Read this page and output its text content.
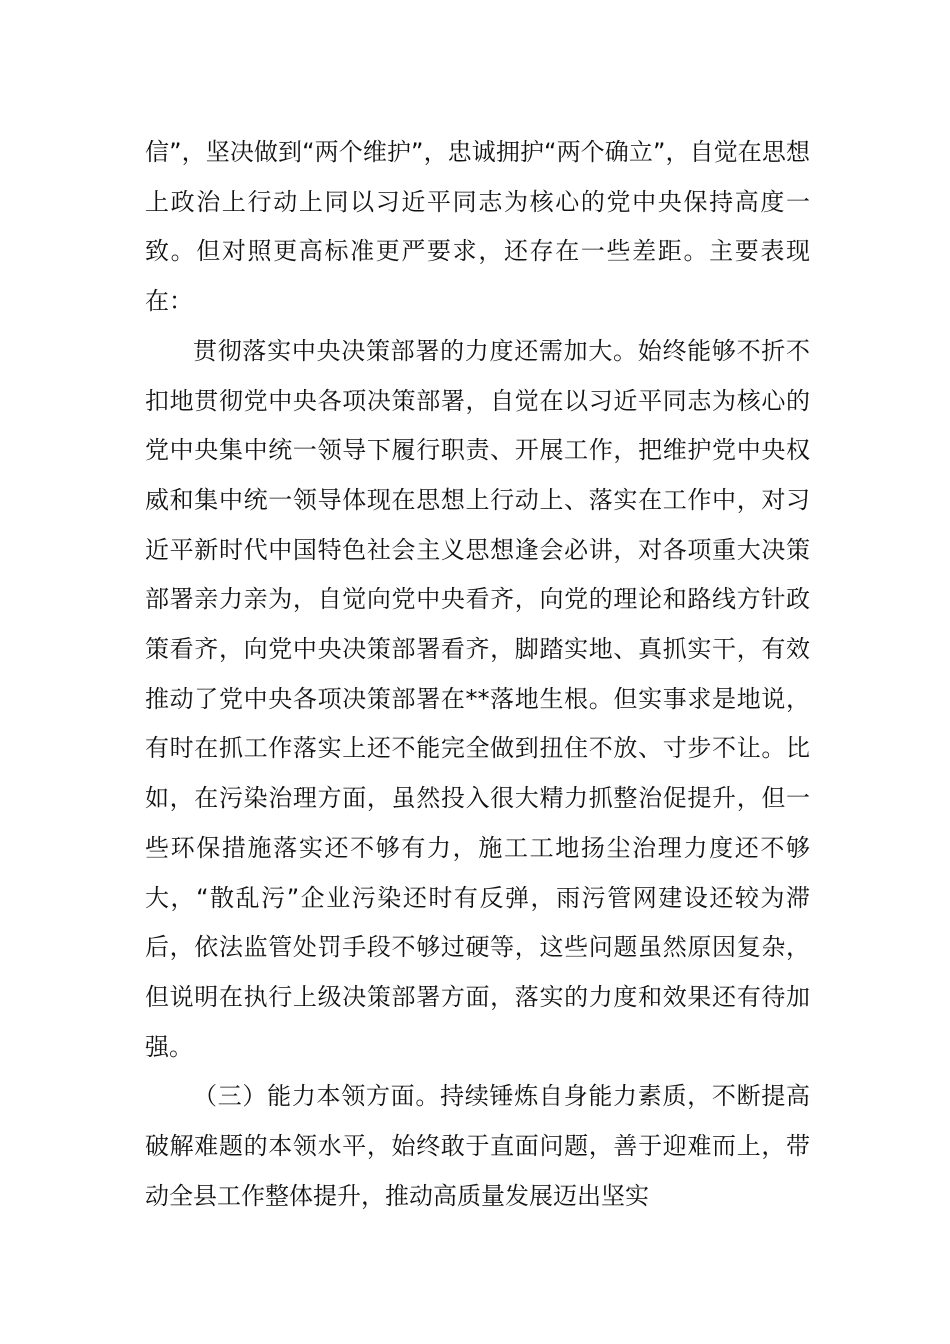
信”，坚决做到“两个维护”，忠诚拥护“两个确立”，自觉在思想上政治上行动上同以习近平同志为核心的党中央保持高度一致。但对照更高标准更严要求，还存在一些差距。主要表现在：

贯彻落实中央决策部署的力度还需加大。始终能够不折不扣地贯彻党中央各项决策部署，自觉在以习近平同志为核心的党中央集中统一领导下履行职责、开展工作，把维护党中央权威和集中统一领导体现在思想上行动上、落实在工作中，对习近平新时代中国特色社会主义思想逢会必讲，对各项重大决策部署亲力亲为，自觉向党中央看齐，向党的理论和路线方针政策看齐，向党中央决策部署看齐，脚踏实地、真抓实干，有效推动了党中央各项决策部署在**落地生根。但实事求是地说，有时在抓工作落实上还不能完全做到扭住不放、寸步不让。比如，在污染治理方面，虽然投入很大精力抓整治促提升，但一些环保措施落实还不够有力，施工工地扬尘治理力度还不够大，“散乱污”企业污染还时有反弹，雨污管网建设还较为滞后，依法监管处罚手段不够过硬等，这些问题虽然原因复杂，但说明在执行上级决策部署方面，落实的力度和效果还有待加强。

（三）能力本领方面。持续锤炼自身能力素质，不断提高破解难题的本领水平，始终敢于直面问题，善于迎难而上，带动全县工作整体提升，推动高质量发展迈出坚实
